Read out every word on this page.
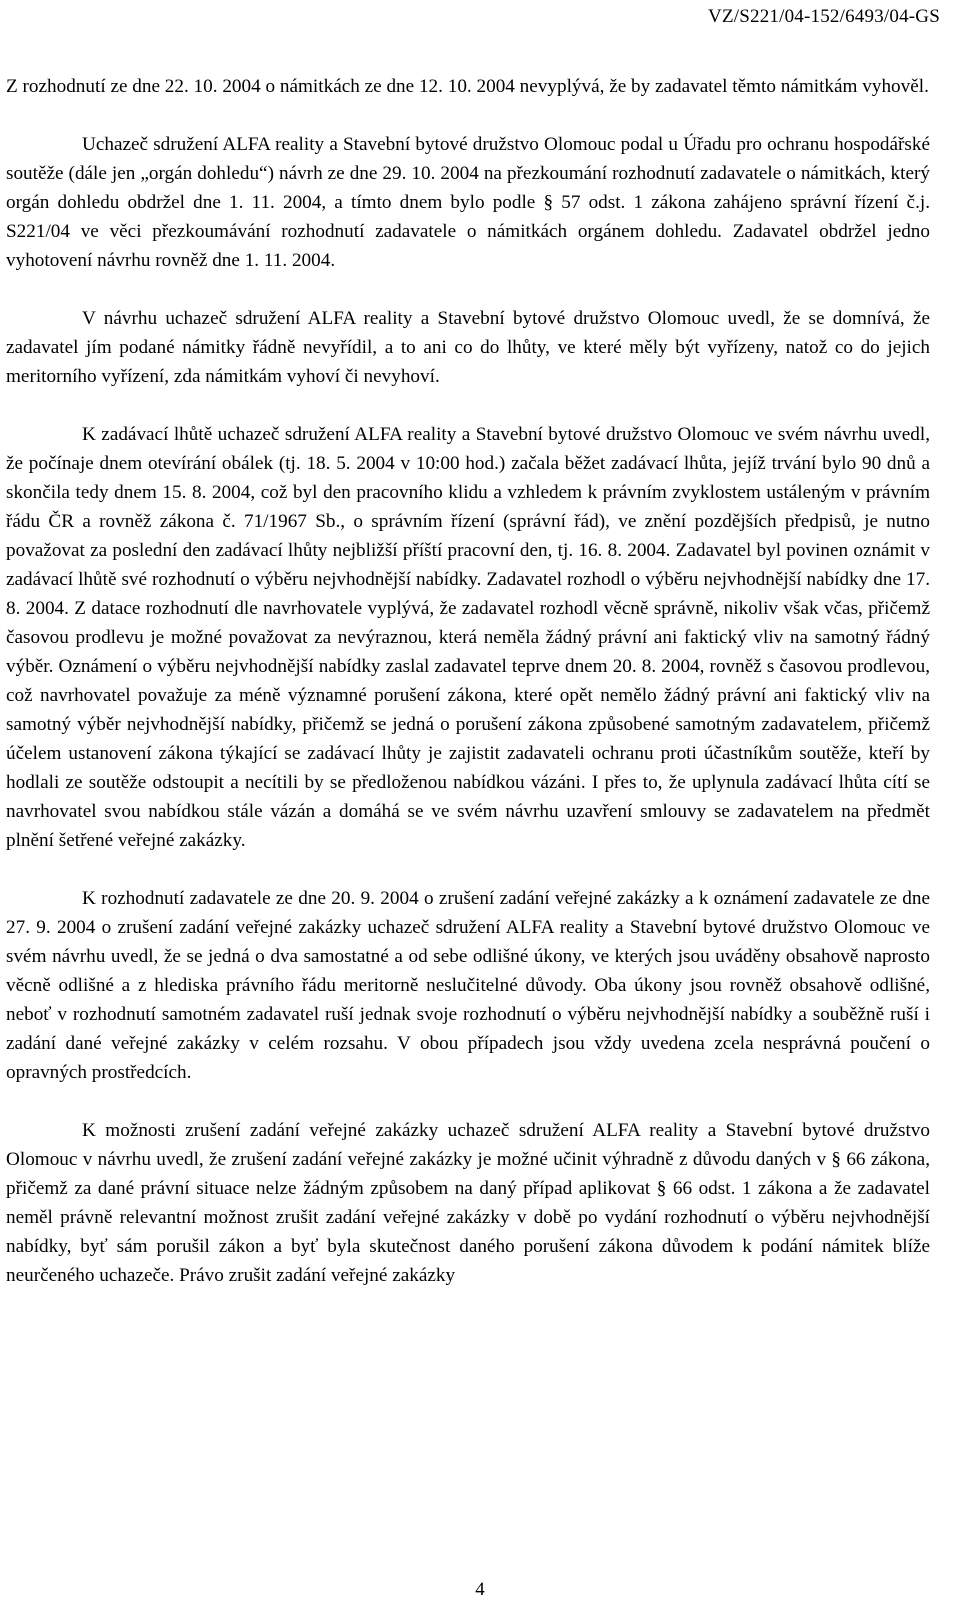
VZ/S221/04-152/6493/04-GS

Z rozhodnutí ze dne 22. 10. 2004 o námitkách ze dne 12. 10. 2004 nevyplývá, že by zadavatel těmto námitkám vyhověl.

Uchazeč sdružení ALFA reality a Stavební bytové družstvo Olomouc podal u Úřadu pro ochranu hospodářské soutěže (dále jen „orgán dohledu“) návrh ze dne 29. 10. 2004 na přezkoumání rozhodnutí zadavatele o námitkách, který orgán dohledu obdržel dne 1. 11. 2004, a tímto dnem bylo podle § 57 odst. 1 zákona zahájeno správní řízení č.j. S221/04 ve věci přezkoumávání rozhodnutí zadavatele o námitkách orgánem dohledu. Zadavatel obdržel jedno vyhotovení návrhu rovněž dne 1. 11. 2004.

V návrhu uchazeč sdružení ALFA reality a Stavební bytové družstvo Olomouc uvedl, že se domnívá, že zadavatel jím podané námitky řádně nevyřídil, a to ani co do lhůty, ve které měly být vyřízeny, natož co do jejich meritorního vyřízení, zda námitkám vyhoví či nevyhoví.

K zadávací lhůtě uchazeč sdružení ALFA reality a Stavební bytové družstvo Olomouc ve svém návrhu uvedl, že počínaje dnem otevírání obálek (tj. 18. 5. 2004 v 10:00 hod.) začala běžet zadávací lhůta, jejíž trvání bylo 90 dnů a skončila tedy dnem 15. 8. 2004, což byl den pracovního klidu a vzhledem k právním zvyklostem ustáleným v právním řádu ČR a rovněž zákona č. 71/1967 Sb., o správním řízení (správní řád), ve znění pozdějších předpisů, je nutno považovat za poslední den zadávací lhůty nejbližší příští pracovní den, tj. 16. 8. 2004. Zadavatel byl povinen oznámit v zadávací lhůtě své rozhodnutí o výběru nejvhodnější nabídky. Zadavatel rozhodl o výběru nejvhodnější nabídky dne 17. 8. 2004. Z datace rozhodnutí dle navrhovatele vyplývá, že zadavatel rozhodl věcně správně, nikoliv však včas, přičemž časovou prodlevu je možné považovat za nevýraznou, která neměla žádný právní ani faktický vliv na samotný řádný výběr. Oznámení o výběru nejvhodnější nabídky zaslal zadavatel teprve dnem 20. 8. 2004, rovněž s časovou prodlevou, což navrhovatel považuje za méně významné porušení zákona, které opět nemělo žádný právní ani faktický vliv na samotný výběr nejvhodnější nabídky, přičemž se jedná o porušení zákona způsobené samotným zadavatelem, přičemž účelem ustanovení zákona týkající se zadávací lhůty je zajistit zadavateli ochranu proti účastníkům soutěže, kteří by hodlali ze soutěže odstoupit a necítili by se předloženou nabídkou vázáni. I přes to, že uplynula zadávací lhůta cítí se navrhovatel svou nabídkou stále vázán a domáhá se ve svém návrhu uzavření smlouvy se zadavatelem na předmět plnění šetřené veřejné zakázky.

K rozhodnutí zadavatele ze dne 20. 9. 2004 o zrušení zadání veřejné zakázky a k oznámení zadavatele ze dne 27. 9. 2004 o zrušení zadání veřejné zakázky uchazeč sdružení ALFA reality a Stavební bytové družstvo Olomouc ve svém návrhu uvedl, že se jedná o dva samostatné a od sebe odlišné úkony, ve kterých jsou uváděny obsahově naprosto věcně odlišné a z hlediska právního řádu meritorně neslučitelné důvody. Oba úkony jsou rovněž obsahově odlišné, neboť v rozhodnutí samotném zadavatel ruší jednak svoje rozhodnutí o výběru nejvhodnější nabídky a souběžně ruší i zadání dané veřejné zakázky v celém rozsahu. V obou případech jsou vždy uvedena zcela nesprávná poučení o opravných prostředcích.

K možnosti zrušení zadání veřejné zakázky uchazeč sdružení ALFA reality a Stavební bytové družstvo Olomouc v návrhu uvedl, že zrušení zadání veřejné zakázky je možné učinit výhradně z důvodu daných v § 66 zákona, přičemž za dané právní situace nelze žádným způsobem na daný případ aplikovat § 66 odst. 1 zákona a že zadavatel neměl právně relevantní možnost zrušit zadání veřejné zakázky v době po vydání rozhodnutí o výběru nejvhodnější nabídky, byť sám porušil zákon a byť byla skutečnost daného porušení zákona důvodem k podání námitek blíže neurčeného uchazeče. Právo zrušit zadání veřejné zakázky

4
